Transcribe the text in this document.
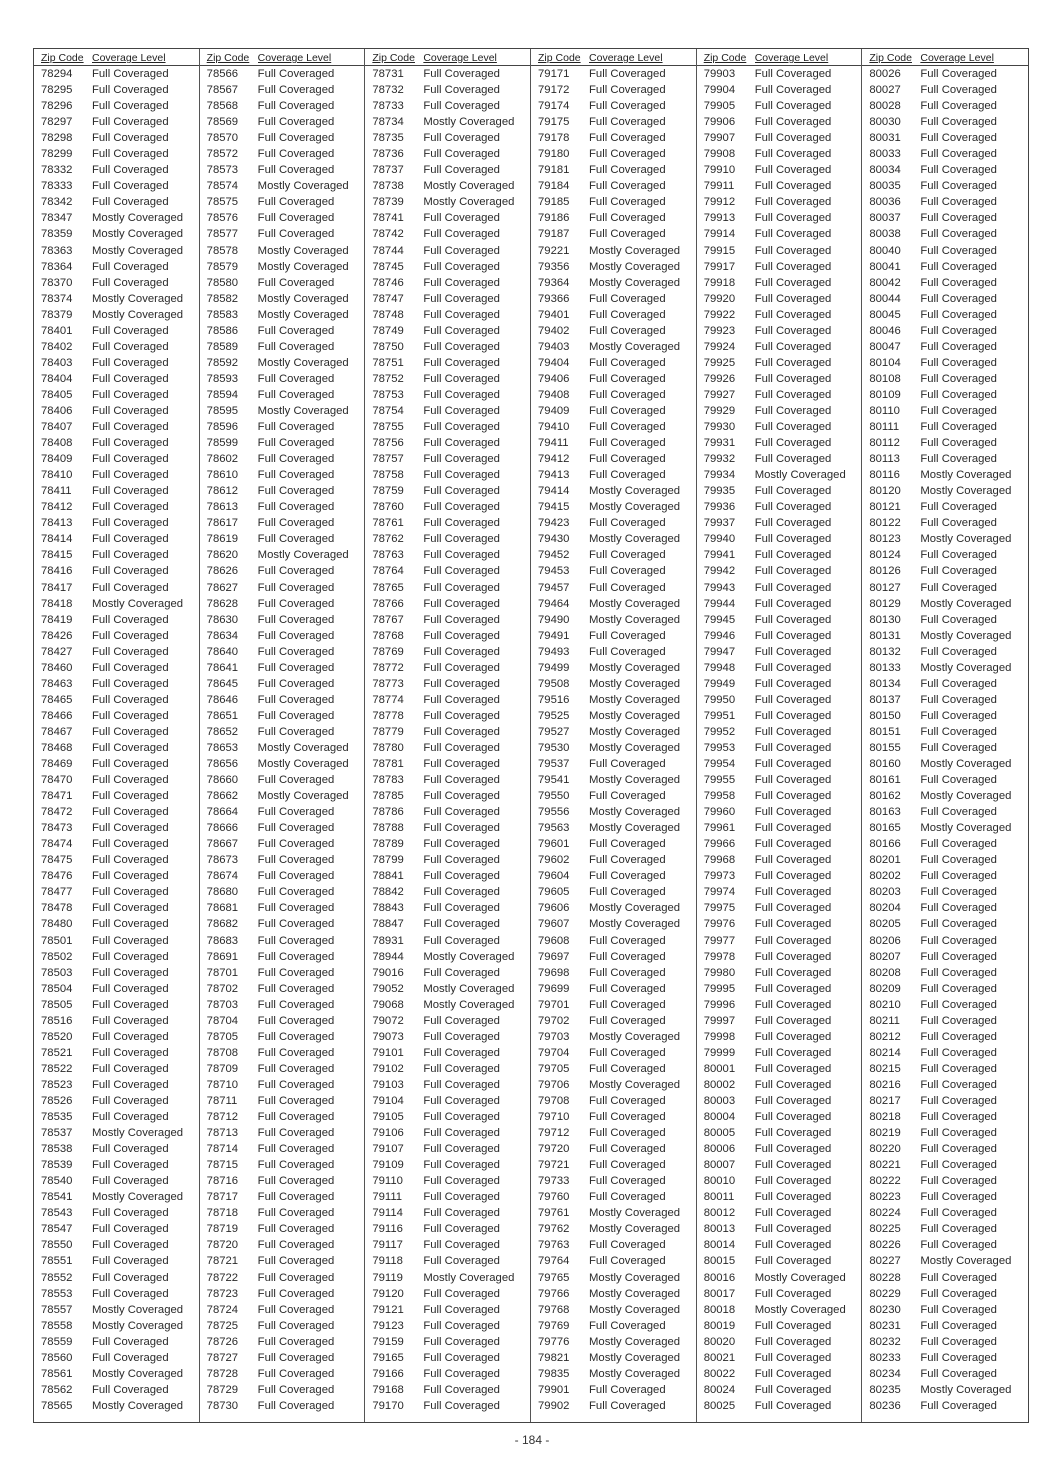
Zip Code Coverage Level
78294	Full Coveraged
78295	Full Coveraged
78296	Full Coveraged
78297	Full Coveraged
78298	Full Coveraged
78299	Full Coveraged
78332	Full Coveraged
78333	Full Coveraged
78342	Full Coveraged
78347	Mostly Coveraged
78359	Mostly Coveraged
78363	Mostly Coveraged
78364	Full Coveraged
78370	Full Coveraged
78374	Mostly Coveraged
78379	Mostly Coveraged
78401	Full Coveraged
78402	Full Coveraged
78403	Full Coveraged
78404	Full Coveraged
78405	Full Coveraged
78406	Full Coveraged
78407	Full Coveraged
78408	Full Coveraged
78409	Full Coveraged
78410	Full Coveraged
78411	Full Coveraged
78412	Full Coveraged
78413	Full Coveraged
78414	Full Coveraged
78415	Full Coveraged
78416	Full Coveraged
78417	Full Coveraged
78418	Mostly Coveraged
78419	Full Coveraged
78426	Full Coveraged
78427	Full Coveraged
78460	Full Coveraged
78463	Full Coveraged
78465	Full Coveraged
78466	Full Coveraged
78467	Full Coveraged
78468	Full Coveraged
78469	Full Coveraged
78470	Full Coveraged
78471	Full Coveraged
78472	Full Coveraged
78473	Full Coveraged
78474	Full Coveraged
78475	Full Coveraged
78476	Full Coveraged
78477	Full Coveraged
78478	Full Coveraged
78480	Full Coveraged
78501	Full Coveraged
78502	Full Coveraged
78503	Full Coveraged
78504	Full Coveraged
78505	Full Coveraged
78516	Full Coveraged
78520	Full Coveraged
78521	Full Coveraged
78522	Full Coveraged
78523	Full Coveraged
78526	Full Coveraged
78535	Full Coveraged
78537	Mostly Coveraged
78538	Full Coveraged
78539	Full Coveraged
78540	Full Coveraged
78541	Mostly Coveraged
78543	Full Coveraged
78547	Full Coveraged
78550	Full Coveraged
78551	Full Coveraged
78552	Full Coveraged
78553	Full Coveraged
78557	Mostly Coveraged
78558	Mostly Coveraged
78559	Full Coveraged
78560	Full Coveraged
78561	Mostly Coveraged
78562	Full Coveraged
78565	Mostly Coveraged
Zip Code Coverage Level
78566	Full Coveraged
78567	Full Coveraged
78568	Full Coveraged
78569	Full Coveraged
78570	Full Coveraged
78572	Full Coveraged
78573	Full Coveraged
78574	Mostly Coveraged
78575	Full Coveraged
78576	Full Coveraged
78577	Full Coveraged
78578	Mostly Coveraged
78579	Mostly Coveraged
78580	Full Coveraged
78582	Mostly Coveraged
78583	Mostly Coveraged
78586	Full Coveraged
78589	Full Coveraged
78592	Mostly Coveraged
78593	Full Coveraged
78594	Full Coveraged
78595	Mostly Coveraged
78596	Full Coveraged
78599	Full Coveraged
78602	Full Coveraged
78610	Full Coveraged
78612	Full Coveraged
78613	Full Coveraged
78617	Full Coveraged
78619	Full Coveraged
78620	Mostly Coveraged
78626	Full Coveraged
78627	Full Coveraged
78628	Full Coveraged
78630	Full Coveraged
78634	Full Coveraged
78640	Full Coveraged
78641	Full Coveraged
78645	Full Coveraged
78646	Full Coveraged
78651	Full Coveraged
78652	Full Coveraged
78653	Mostly Coveraged
78656	Mostly Coveraged
78660	Full Coveraged
78662	Mostly Coveraged
78664	Full Coveraged
78666	Full Coveraged
78667	Full Coveraged
78673	Full Coveraged
78674	Full Coveraged
78680	Full Coveraged
78681	Full Coveraged
78682	Full Coveraged
78683	Full Coveraged
78691	Full Coveraged
78701	Full Coveraged
78702	Full Coveraged
78703	Full Coveraged
78704	Full Coveraged
78705	Full Coveraged
78708	Full Coveraged
78709	Full Coveraged
78710	Full Coveraged
78711	Full Coveraged
78712	Full Coveraged
78713	Full Coveraged
78714	Full Coveraged
78715	Full Coveraged
78716	Full Coveraged
78717	Full Coveraged
78718	Full Coveraged
78719	Full Coveraged
78720	Full Coveraged
78721	Full Coveraged
78722	Full Coveraged
78723	Full Coveraged
78724	Full Coveraged
78725	Full Coveraged
78726	Full Coveraged
78727	Full Coveraged
78728	Full Coveraged
78729	Full Coveraged
78730	Full Coveraged
Zip Code Coverage Level
78731	Full Coveraged
78732	Full Coveraged
78733	Full Coveraged
78734	Mostly Coveraged
78735	Full Coveraged
78736	Full Coveraged
78737	Full Coveraged
78738	Mostly Coveraged
78739	Mostly Coveraged
78741	Full Coveraged
78742	Full Coveraged
78744	Full Coveraged
78745	Full Coveraged
78746	Full Coveraged
78747	Full Coveraged
78748	Full Coveraged
78749	Full Coveraged
78750	Full Coveraged
78751	Full Coveraged
78752	Full Coveraged
78753	Full Coveraged
78754	Full Coveraged
78755	Full Coveraged
78756	Full Coveraged
78757	Full Coveraged
78758	Full Coveraged
78759	Full Coveraged
78760	Full Coveraged
78761	Full Coveraged
78762	Full Coveraged
78763	Full Coveraged
78764	Full Coveraged
78765	Full Coveraged
78766	Full Coveraged
78767	Full Coveraged
78768	Full Coveraged
78769	Full Coveraged
78772	Full Coveraged
78773	Full Coveraged
78774	Full Coveraged
78778	Full Coveraged
78779	Full Coveraged
78780	Full Coveraged
78781	Full Coveraged
78783	Full Coveraged
78785	Full Coveraged
78786	Full Coveraged
78788	Full Coveraged
78789	Full Coveraged
78799	Full Coveraged
78841	Full Coveraged
78842	Full Coveraged
78843	Full Coveraged
78847	Full Coveraged
78931	Full Coveraged
78944	Mostly Coveraged
79016	Full Coveraged
79052	Mostly Coveraged
79068	Mostly Coveraged
79072	Full Coveraged
79073	Full Coveraged
79101	Full Coveraged
79102	Full Coveraged
79103	Full Coveraged
79104	Full Coveraged
79105	Full Coveraged
79106	Full Coveraged
79107	Full Coveraged
79109	Full Coveraged
79110	Full Coveraged
79111	Full Coveraged
79114	Full Coveraged
79116	Full Coveraged
79117	Full Coveraged
79118	Full Coveraged
79119	Mostly Coveraged
79120	Full Coveraged
79121	Full Coveraged
79123	Full Coveraged
79159	Full Coveraged
79165	Full Coveraged
79166	Full Coveraged
79168	Full Coveraged
79170	Full Coveraged
Zip Code Coverage Level
79171	Full Coveraged
79172	Full Coveraged
79174	Full Coveraged
79175	Full Coveraged
79178	Full Coveraged
79180	Full Coveraged
79181	Full Coveraged
79184	Full Coveraged
79185	Full Coveraged
79186	Full Coveraged
79187	Full Coveraged
79221	Mostly Coveraged
79356	Mostly Coveraged
79364	Mostly Coveraged
79366	Full Coveraged
79401	Full Coveraged
79402	Full Coveraged
79403	Mostly Coveraged
79404	Full Coveraged
79406	Full Coveraged
79408	Full Coveraged
79409	Full Coveraged
79410	Full Coveraged
79411	Full Coveraged
79412	Full Coveraged
79413	Full Coveraged
79414	Mostly Coveraged
79415	Mostly Coveraged
79423	Full Coveraged
79430	Mostly Coveraged
79452	Full Coveraged
79453	Full Coveraged
79457	Full Coveraged
79464	Mostly Coveraged
79490	Mostly Coveraged
79491	Full Coveraged
79493	Full Coveraged
79499	Mostly Coveraged
79508	Mostly Coveraged
79516	Mostly Coveraged
79525	Mostly Coveraged
79527	Mostly Coveraged
79530	Mostly Coveraged
79537	Full Coveraged
79541	Mostly Coveraged
79550	Full Coveraged
79556	Mostly Coveraged
79563	Mostly Coveraged
79601	Full Coveraged
79602	Full Coveraged
79604	Full Coveraged
79605	Full Coveraged
79606	Mostly Coveraged
79607	Mostly Coveraged
79608	Full Coveraged
79697	Full Coveraged
79698	Full Coveraged
79699	Full Coveraged
79701	Full Coveraged
79702	Full Coveraged
79703	Mostly Coveraged
79704	Full Coveraged
79705	Full Coveraged
79706	Mostly Coveraged
79708	Full Coveraged
79710	Full Coveraged
79712	Full Coveraged
79720	Full Coveraged
79721	Full Coveraged
79733	Full Coveraged
79760	Full Coveraged
79761	Mostly Coveraged
79762	Mostly Coveraged
79763	Full Coveraged
79764	Full Coveraged
79765	Mostly Coveraged
79766	Mostly Coveraged
79768	Mostly Coveraged
79769	Full Coveraged
79776	Mostly Coveraged
79821	Mostly Coveraged
79835	Mostly Coveraged
79901	Full Coveraged
79902	Full Coveraged
Zip Code Coverage Level
79903	Full Coveraged
79904	Full Coveraged
79905	Full Coveraged
79906	Full Coveraged
79907	Full Coveraged
79908	Full Coveraged
79910	Full Coveraged
79911	Full Coveraged
79912	Full Coveraged
79913	Full Coveraged
79914	Full Coveraged
79915	Full Coveraged
79917	Full Coveraged
79918	Full Coveraged
79920	Full Coveraged
79922	Full Coveraged
79923	Full Coveraged
79924	Full Coveraged
79925	Full Coveraged
79926	Full Coveraged
79927	Full Coveraged
79929	Full Coveraged
79930	Full Coveraged
79931	Full Coveraged
79932	Full Coveraged
79934	Mostly Coveraged
79935	Full Coveraged
79936	Full Coveraged
79937	Full Coveraged
79940	Full Coveraged
79941	Full Coveraged
79942	Full Coveraged
79943	Full Coveraged
79944	Full Coveraged
79945	Full Coveraged
79946	Full Coveraged
79947	Full Coveraged
79948	Full Coveraged
79949	Full Coveraged
79950	Full Coveraged
79951	Full Coveraged
79952	Full Coveraged
79953	Full Coveraged
79954	Full Coveraged
79955	Full Coveraged
79958	Full Coveraged
79960	Full Coveraged
79961	Full Coveraged
79966	Full Coveraged
79968	Full Coveraged
79973	Full Coveraged
79974	Full Coveraged
79975	Full Coveraged
79976	Full Coveraged
79977	Full Coveraged
79978	Full Coveraged
79980	Full Coveraged
79995	Full Coveraged
79996	Full Coveraged
79997	Full Coveraged
79998	Full Coveraged
79999	Full Coveraged
80001	Full Coveraged
80002	Full Coveraged
80003	Full Coveraged
80004	Full Coveraged
80005	Full Coveraged
80006	Full Coveraged
80007	Full Coveraged
80010	Full Coveraged
80011	Full Coveraged
80012	Full Coveraged
80013	Full Coveraged
80014	Full Coveraged
80015	Full Coveraged
80016	Mostly Coveraged
80017	Full Coveraged
80018	Mostly Coveraged
80019	Full Coveraged
80020	Full Coveraged
80021	Full Coveraged
80022	Full Coveraged
80024	Full Coveraged
80025	Full Coveraged
Zip Code Coverage Level
80026	Full Coveraged
80027	Full Coveraged
80028	Full Coveraged
80030	Full Coveraged
80031	Full Coveraged
80033	Full Coveraged
80034	Full Coveraged
80035	Full Coveraged
80036	Full Coveraged
80037	Full Coveraged
80038	Full Coveraged
80040	Full Coveraged
80041	Full Coveraged
80042	Full Coveraged
80044	Full Coveraged
80045	Full Coveraged
80046	Full Coveraged
80047	Full Coveraged
80104	Full Coveraged
80108	Full Coveraged
80109	Full Coveraged
80110	Full Coveraged
80111	Full Coveraged
80112	Full Coveraged
80113	Full Coveraged
80116	Mostly Coveraged
80120	Mostly Coveraged
80121	Full Coveraged
80122	Full Coveraged
80123	Mostly Coveraged
80124	Full Coveraged
80126	Full Coveraged
80127	Full Coveraged
80129	Mostly Coveraged
80130	Full Coveraged
80131	Mostly Coveraged
80132	Full Coveraged
80133	Mostly Coveraged
80134	Full Coveraged
80137	Full Coveraged
80150	Full Coveraged
80151	Full Coveraged
80155	Full Coveraged
80160	Mostly Coveraged
80161	Full Coveraged
80162	Mostly Coveraged
80163	Full Coveraged
80165	Mostly Coveraged
80166	Full Coveraged
80201	Full Coveraged
80202	Full Coveraged
80203	Full Coveraged
80204	Full Coveraged
80205	Full Coveraged
80206	Full Coveraged
80207	Full Coveraged
80208	Full Coveraged
80209	Full Coveraged
80210	Full Coveraged
80211	Full Coveraged
80212	Full Coveraged
80214	Full Coveraged
80215	Full Coveraged
80216	Full Coveraged
80217	Full Coveraged
80218	Full Coveraged
80219	Full Coveraged
80220	Full Coveraged
80221	Full Coveraged
80222	Full Coveraged
80223	Full Coveraged
80224	Full Coveraged
80225	Full Coveraged
80226	Full Coveraged
80227	Mostly Coveraged
80228	Full Coveraged
80229	Full Coveraged
80230	Full Coveraged
80231	Full Coveraged
80232	Full Coveraged
80233	Full Coveraged
80234	Full Coveraged
80235	Mostly Coveraged
80236	Full Coveraged
- 184 -
